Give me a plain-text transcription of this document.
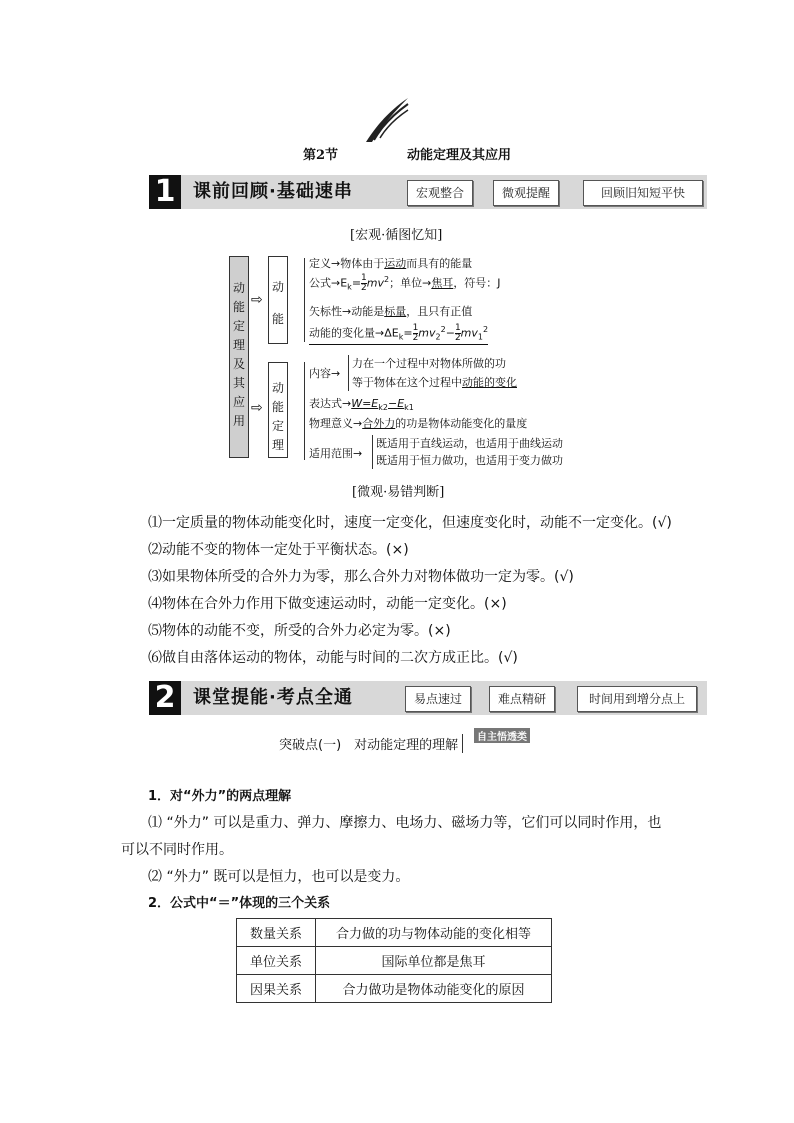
第2节	动能定理及其应用
1 课前回顾·基础速串	宏观整合	微观提醒	回顾旧知短平快
[宏观·循图忆知]
动能定理及其应用
⇨
⇨
动能
动能定理
定义→物体由于运动而具有的能量
公式$\to E_k= \frac{1}{2} mv^2$；单位→焦耳，符号：J
矢标性→动能是标量，且只有正值
动能的变化量$\to\Delta E_k= \frac{1}{2} mv_2^2- \frac{1}{2} mv_1^2$
内容→
力在一个过程中对物体所做的功
等于物体在这个过程中动能的变化
表达式$\to W=E_{k2}-E_{k1}$
物理意义→合外力的功是物体动能变化的量度
适用范围→
既适用于直线运动，也适用于曲线运动
既适用于恒力做功，也适用于变力做功
[微观·易错判断]
⑴一定质量的物体动能变化时，速度一定变化，但速度变化时，动能不一定变化。(√)
⑵动能不变的物体一定处于平衡状态。(×)
⑶如果物体所受的合外力为零，那么合外力对物体做功一定为零。(√)
⑷物体在合外力作用下做变速运动时，动能一定变化。(×)
⑸物体的动能不变，所受的合外力必定为零。(×)
⑹做自由落体运动的物体，动能与时间的二次方成正比。(√)
2 课堂提能·考点全通	易点速过	难点精研	时间用到增分点上
突破点(一)　对动能定理的理解
自主悟透类
1．对“外力”的两点理解
⑴ “外力” 可以是重力、弹力、摩擦力、电场力、磁场力等，它们可以同时作用，也
可以不同时作用。
⑵ “外力” 既可以是恒力，也可以是变力。
2．公式中“＝”体现的三个关系
数量关系	合力做的功与物体动能的变化相等
单位关系	国际单位都是焦耳
因果关系	合力做功是物体动能变化的原因
